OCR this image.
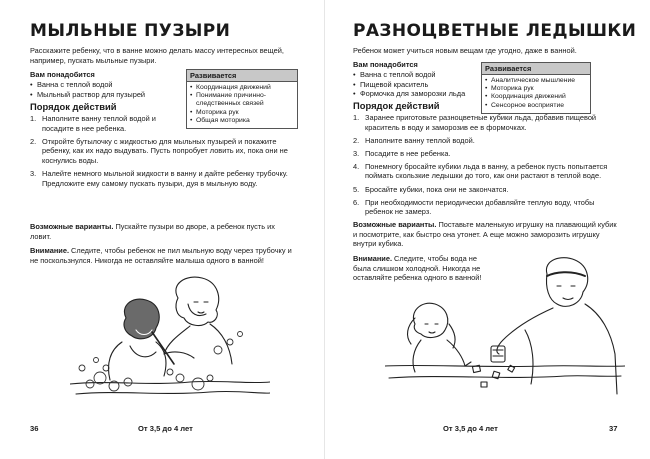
МЫЛЬНЫЕ ПУЗЫРИ
Расскажите ребенку, что в ванне можно делать массу интересных вещей, например, пускать мыльные пузыри.
Вам понадобится
• Ванна с теплой водой
• Мыльный раствор для пузырей
Развивается
• Координация движений
• Понимание причинно-следственных связей
• Моторика рук
• Общая моторика
Порядок действий
1. Наполните ванну теплой водой и посадите в нее ребенка.
2. Откройте бутылочку с жидкостью для мыльных пузырей и покажите ребенку, как их надо выдувать. Пусть попробует ловить их, пока они не коснулись воды.
3. Налейте немного мыльной жидкости в ванну и дайте ребенку трубочку. Предложите ему самому пускать пузыри, дуя в мыльную воду.
Возможные варианты. Пускайте пузыри во дворе, а ребенок пусть их ловит.
Внимание. Следите, чтобы ребенок не пил мыльную воду через трубочку и не поскользнулся. Никогда не оставляйте малыша одного в ванной!
36	От 3,5 до 4 лет
РАЗНОЦВЕТНЫЕ ЛЕДЫШКИ
Ребенок может учиться новым вещам где угодно, даже в ванной.
Вам понадобится
• Ванна с теплой водой
• Пищевой краситель
• Формочка для заморозки льда
Развивается
• Аналитическое мышление
• Моторика рук
• Координация движений
• Сенсорное восприятие
Порядок действий
1. Заранее приготовьте разноцветные кубики льда, добавив пищевой краситель в воду и заморозив ее в формочках.
2. Наполните ванну теплой водой.
3. Посадите в нее ребенка.
4. Понемногу бросайте кубики льда в ванну, а ребенок пусть попытается поймать скользкие ледышки до того, как они растают в теплой воде.
5. Бросайте кубики, пока они не закончатся.
6. При необходимости периодически добавляйте теплую воду, чтобы ребенок не замерз.
Возможные варианты. Поставьте маленькую игрушку на плавающий кубик и посмотрите, как быстро она утонет. А еще можно заморозить игрушку внутри кубика.
Внимание. Следите, чтобы вода не была слишком холодной. Никогда не оставляйте ребенка одного в ванной!
От 3,5 до 4 лет	37
